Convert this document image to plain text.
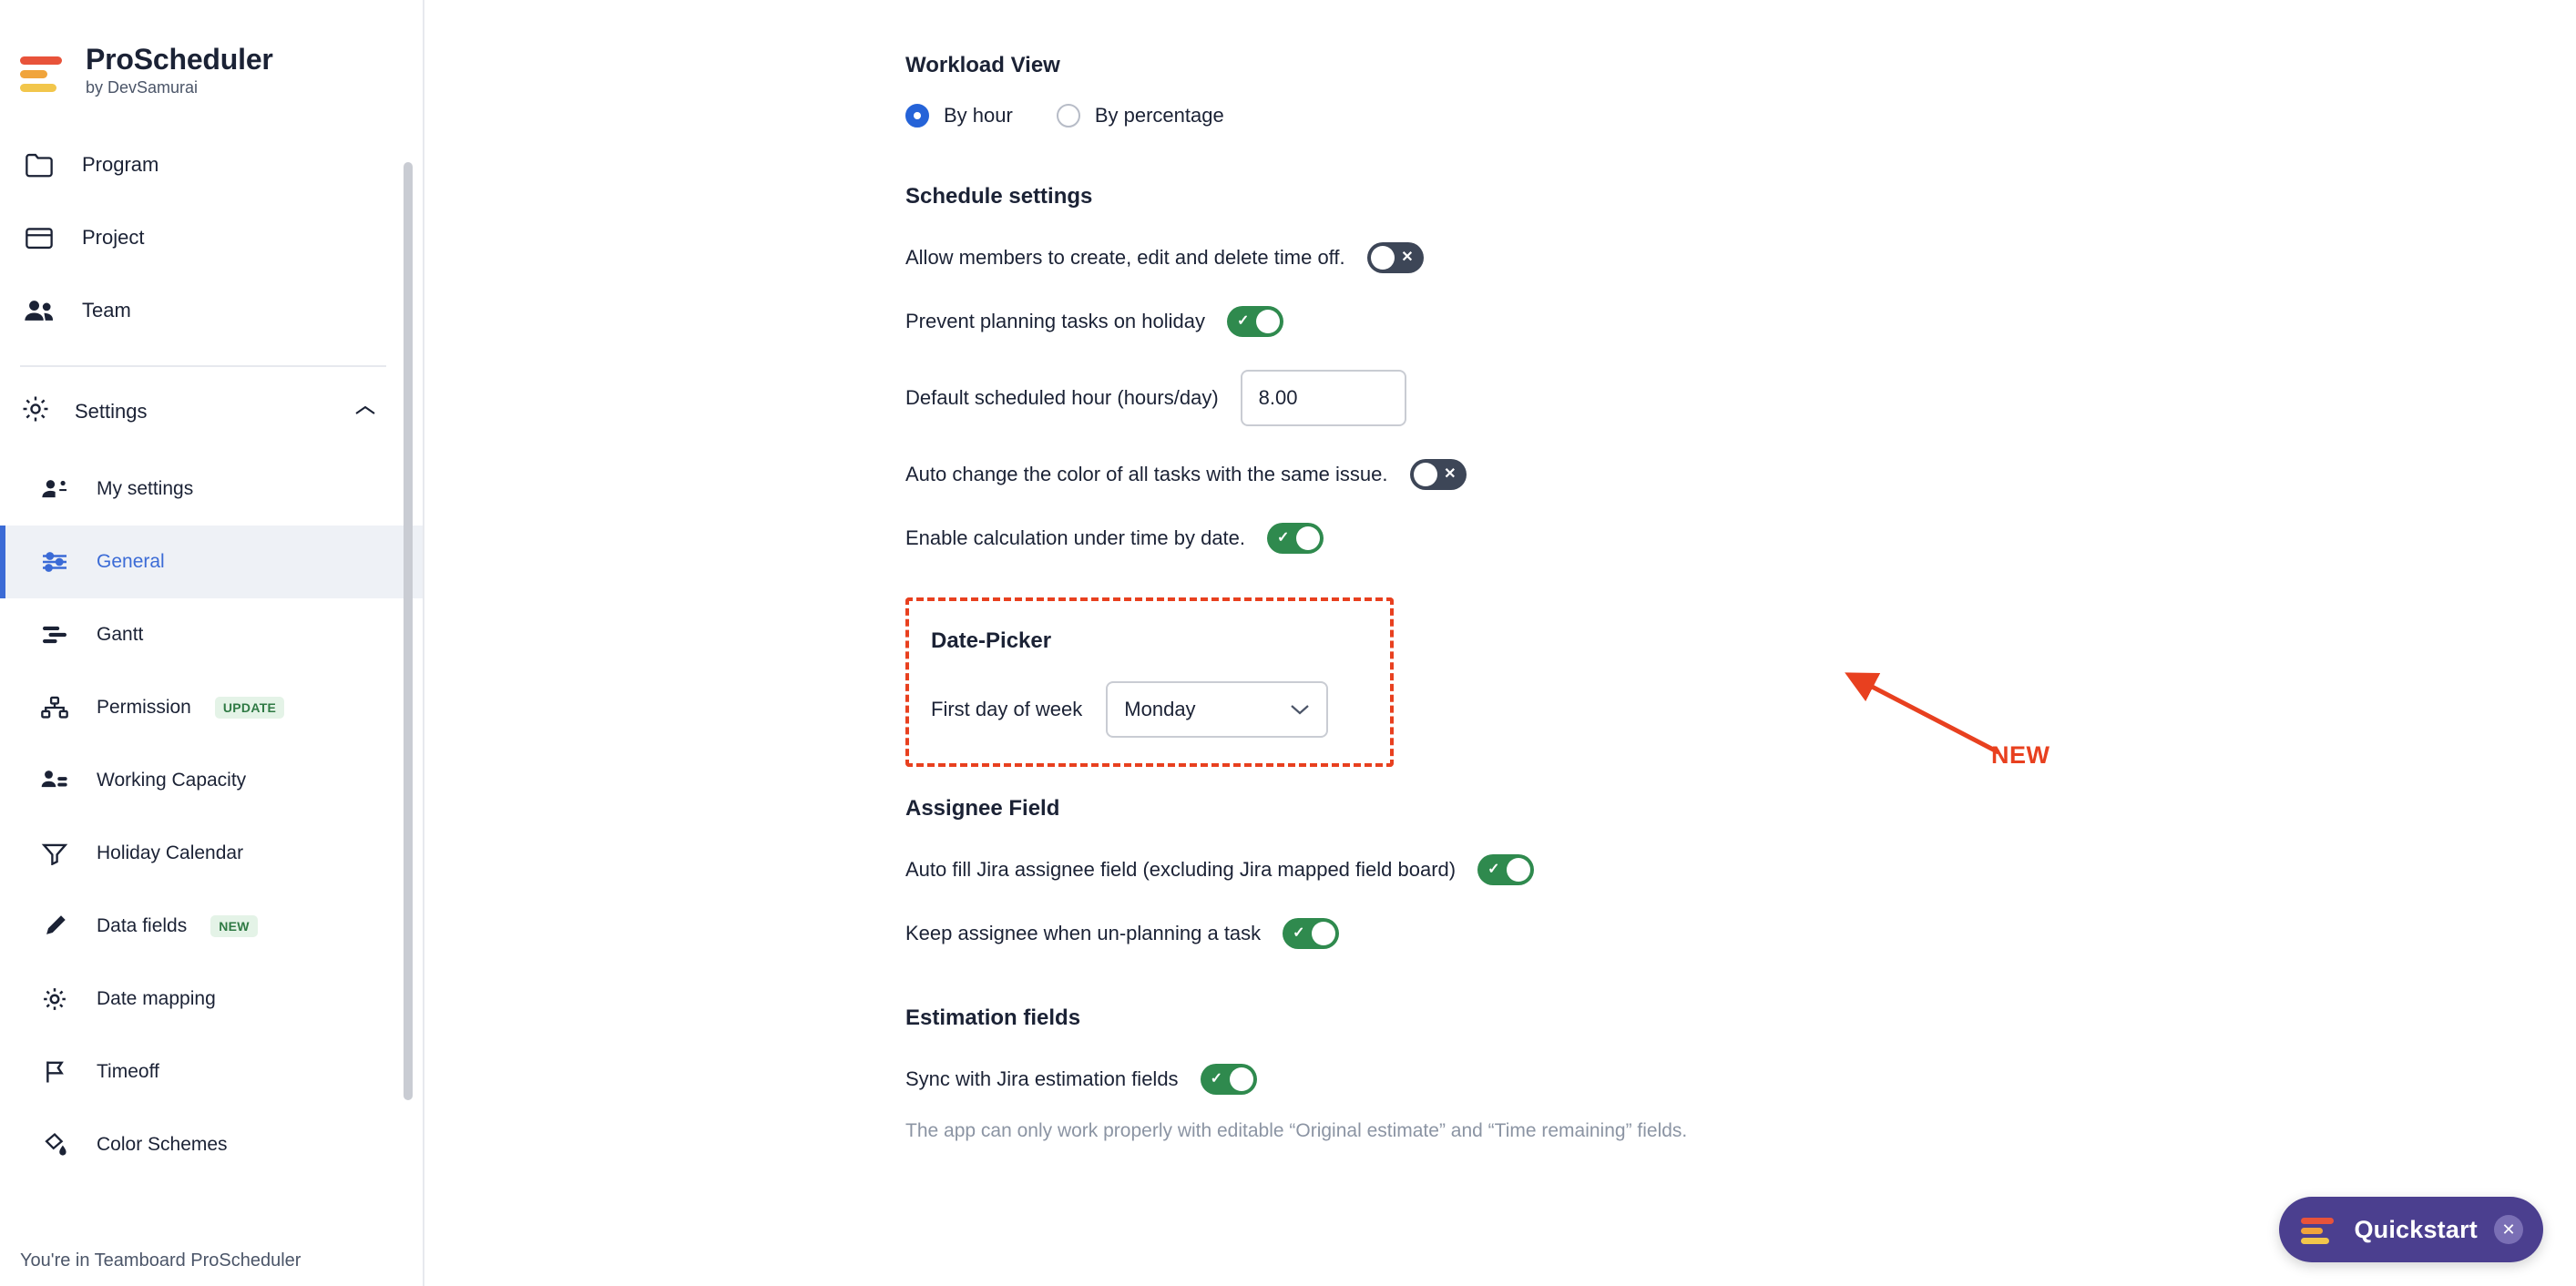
ProScheduler
by DevSamurai
Program
Project
Team
Settings
My settings
General
Gantt
Permission	UPDATE
Working Capacity
Holiday Calendar
Data fields	NEW
Date mapping
Timeoff
Color Schemes
You're in Teamboard ProScheduler
Workload View
By hour	By percentage
Schedule settings
Allow members to create, edit and delete time off.	✕
Prevent planning tasks on holiday ✓
Default scheduled hour (hours/day)
8.00
Auto change the color of all tasks with the same issue.	✕
Enable calculation under time by date. ✓
Date-Picker
First day of week Monday
NEW
Assignee Field
Auto fill Jira assignee field (excluding Jira mapped field board) ✓
Keep assignee when un-planning a task ✓
Estimation fields
Sync with Jira estimation fields ✓
The app can only work properly with editable “Original estimate” and “Time remaining” fields.
Quickstart	✕
